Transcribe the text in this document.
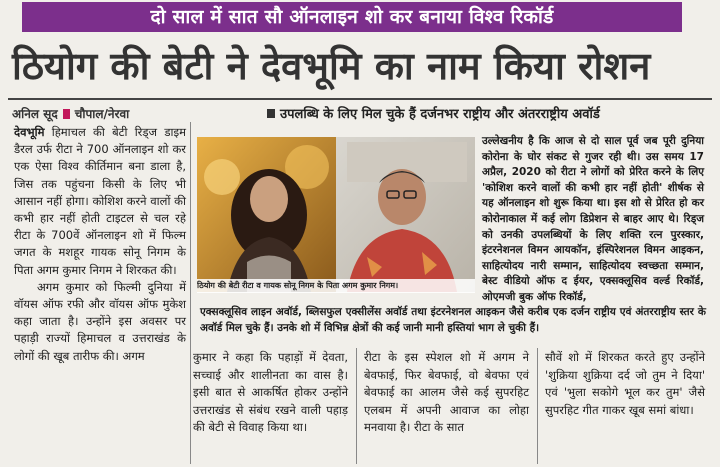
दो साल में सात सौ ऑनलाइन शो कर बनाया विश्व रिकॉर्ड
ठियोग की बेटी ने देवभूमि का नाम किया रोशन
अनिल सूद चौपाल/नेरवा	उपलब्धि के लिए मिल चुके हैं दर्जनभर राष्ट्रीय और अंतरराष्ट्रीय अवॉर्ड
देवभूमि हिमाचल की बेटी रिड्ज डाइम डैरल उर्फ रीटा ने 700 ऑनलाइन शो कर एक ऐसा विश्व कीर्तिमान बना डाला है, जिस तक पहुंचना किसी के लिए भी आसान नहीं होगा। कोशिश करने वालों की कभी हार नहीं होती टाइटल से चल रहे रीटा के 700वें ऑनलाइन शो में फिल्म जगत के मशहूर गायक सोनू निगम के पिता अगम कुमार निगम ने शिरकत की।
अगम कुमार को फिल्मी दुनिया में वॉयस ऑफ रफी और वॉयस ऑफ मुकेश कहा जाता है। उन्होंने इस अवसर पर पहाड़ी राज्यों हिमाचल व उत्तराखंड के लोगों की खूब तारीफ की। अगम
ठियोग की बेटी रीटा व गायक सोनू निगम के पिता अगम कुमार निगम।
उल्लेखनीय है कि आज से दो साल पूर्व जब पूरी दुनिया कोरोना के घोर संकट से गुजर रही थी। उस समय 17 अप्रैल, 2020 को रीटा ने लोगों को प्रेरित करने के लिए 'कोशिश करने वालों की कभी हार नहीं होती' शीर्षक से यह ऑनलाइन शो शुरू किया था। इस शो से प्रेरित हो कर कोरोनाकाल में कई लोग डिप्रेशन से बाहर आए थे। रिड्ज को उनकी उपलब्धियों के लिए शक्ति रत्न पुरस्कार, इंटरनेशनल विमन आयकॉन, इंस्पिरेशनल विमन आइकन, साहित्योदय नारी सम्मान, साहित्योदय स्वच्छता सम्मान, बेस्ट वीडियो ऑफ द ईयर, एक्सक्लूसिव वर्ल्ड रिकॉर्ड, ओएमजी बुक ऑफ रिकॉर्ड,
एक्सक्लूसिव लाइन अवॉर्ड, ब्लिसफुल एक्सीलेंस अवॉर्ड तथा इंटरनेशनल आइकन जैसे करीब एक दर्जन राष्ट्रीय एवं अंतरराष्ट्रीय स्तर के अवॉर्ड मिल चुके हैं। उनके शो में विभिन्न क्षेत्रों की कई जानी मानी हस्तियां भाग ले चुकी हैं।
कुमार ने कहा कि पहाड़ों में देवता, सच्चाई और शालीनता का वास है। इसी बात से आकर्षित होकर उन्होंने उत्तराखंड से संबंध रखने वाली पहाड़ की बेटी से विवाह किया था।
रीटा के इस स्पेशल शो में अगम ने बेवफाई, फिर बेवफाई, वो बेवफा एवं बेवफाई का आलम जैसे कई सुपरहिट एलबम में अपनी आवाज का लोहा मनवाया है। रीटा के सात
सौवें शो में शिरकत करते हुए उन्होंने 'शुक्रिया शुक्रिया दर्द जो तुम ने दिया' एवं 'भुला सकोगे भूल कर तुम' जैसे सुपरहिट गीत गाकर खूब समां बांधा।
